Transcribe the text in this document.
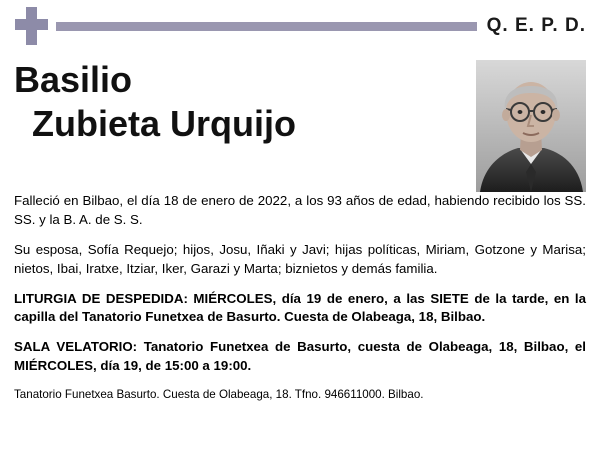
Q. E. P. D.
Basilio
Zubieta Urquijo

Falleció en Bilbao, el día 18 de enero de 2022, a los 93 años de edad, habiendo recibido los SS. SS. y la B. A. de S. S.

Su esposa, Sofía Requejo; hijos, Josu, Iñaki y Javi; hijas políticas, Miriam, Gotzone y Marisa; nietos, Ibai, Iratxe, Itziar, Iker, Garazi y Marta; biznietos y demás familia.

LITURGIA DE DESPEDIDA: MIÉRCOLES, día 19 de enero, a las SIETE de la tarde, en la capilla del Tanatorio Funetxea de Basurto. Cuesta de Olabeaga, 18, Bilbao.

SALA VELATORIO: Tanatorio Funetxea de Basurto, cuesta de Olabeaga, 18, Bilbao, el MIÉRCOLES, día 19, de 15:00 a 19:00.

Tanatorio Funetxea Basurto. Cuesta de Olabeaga, 18. Tfno. 946611000. Bilbao.
